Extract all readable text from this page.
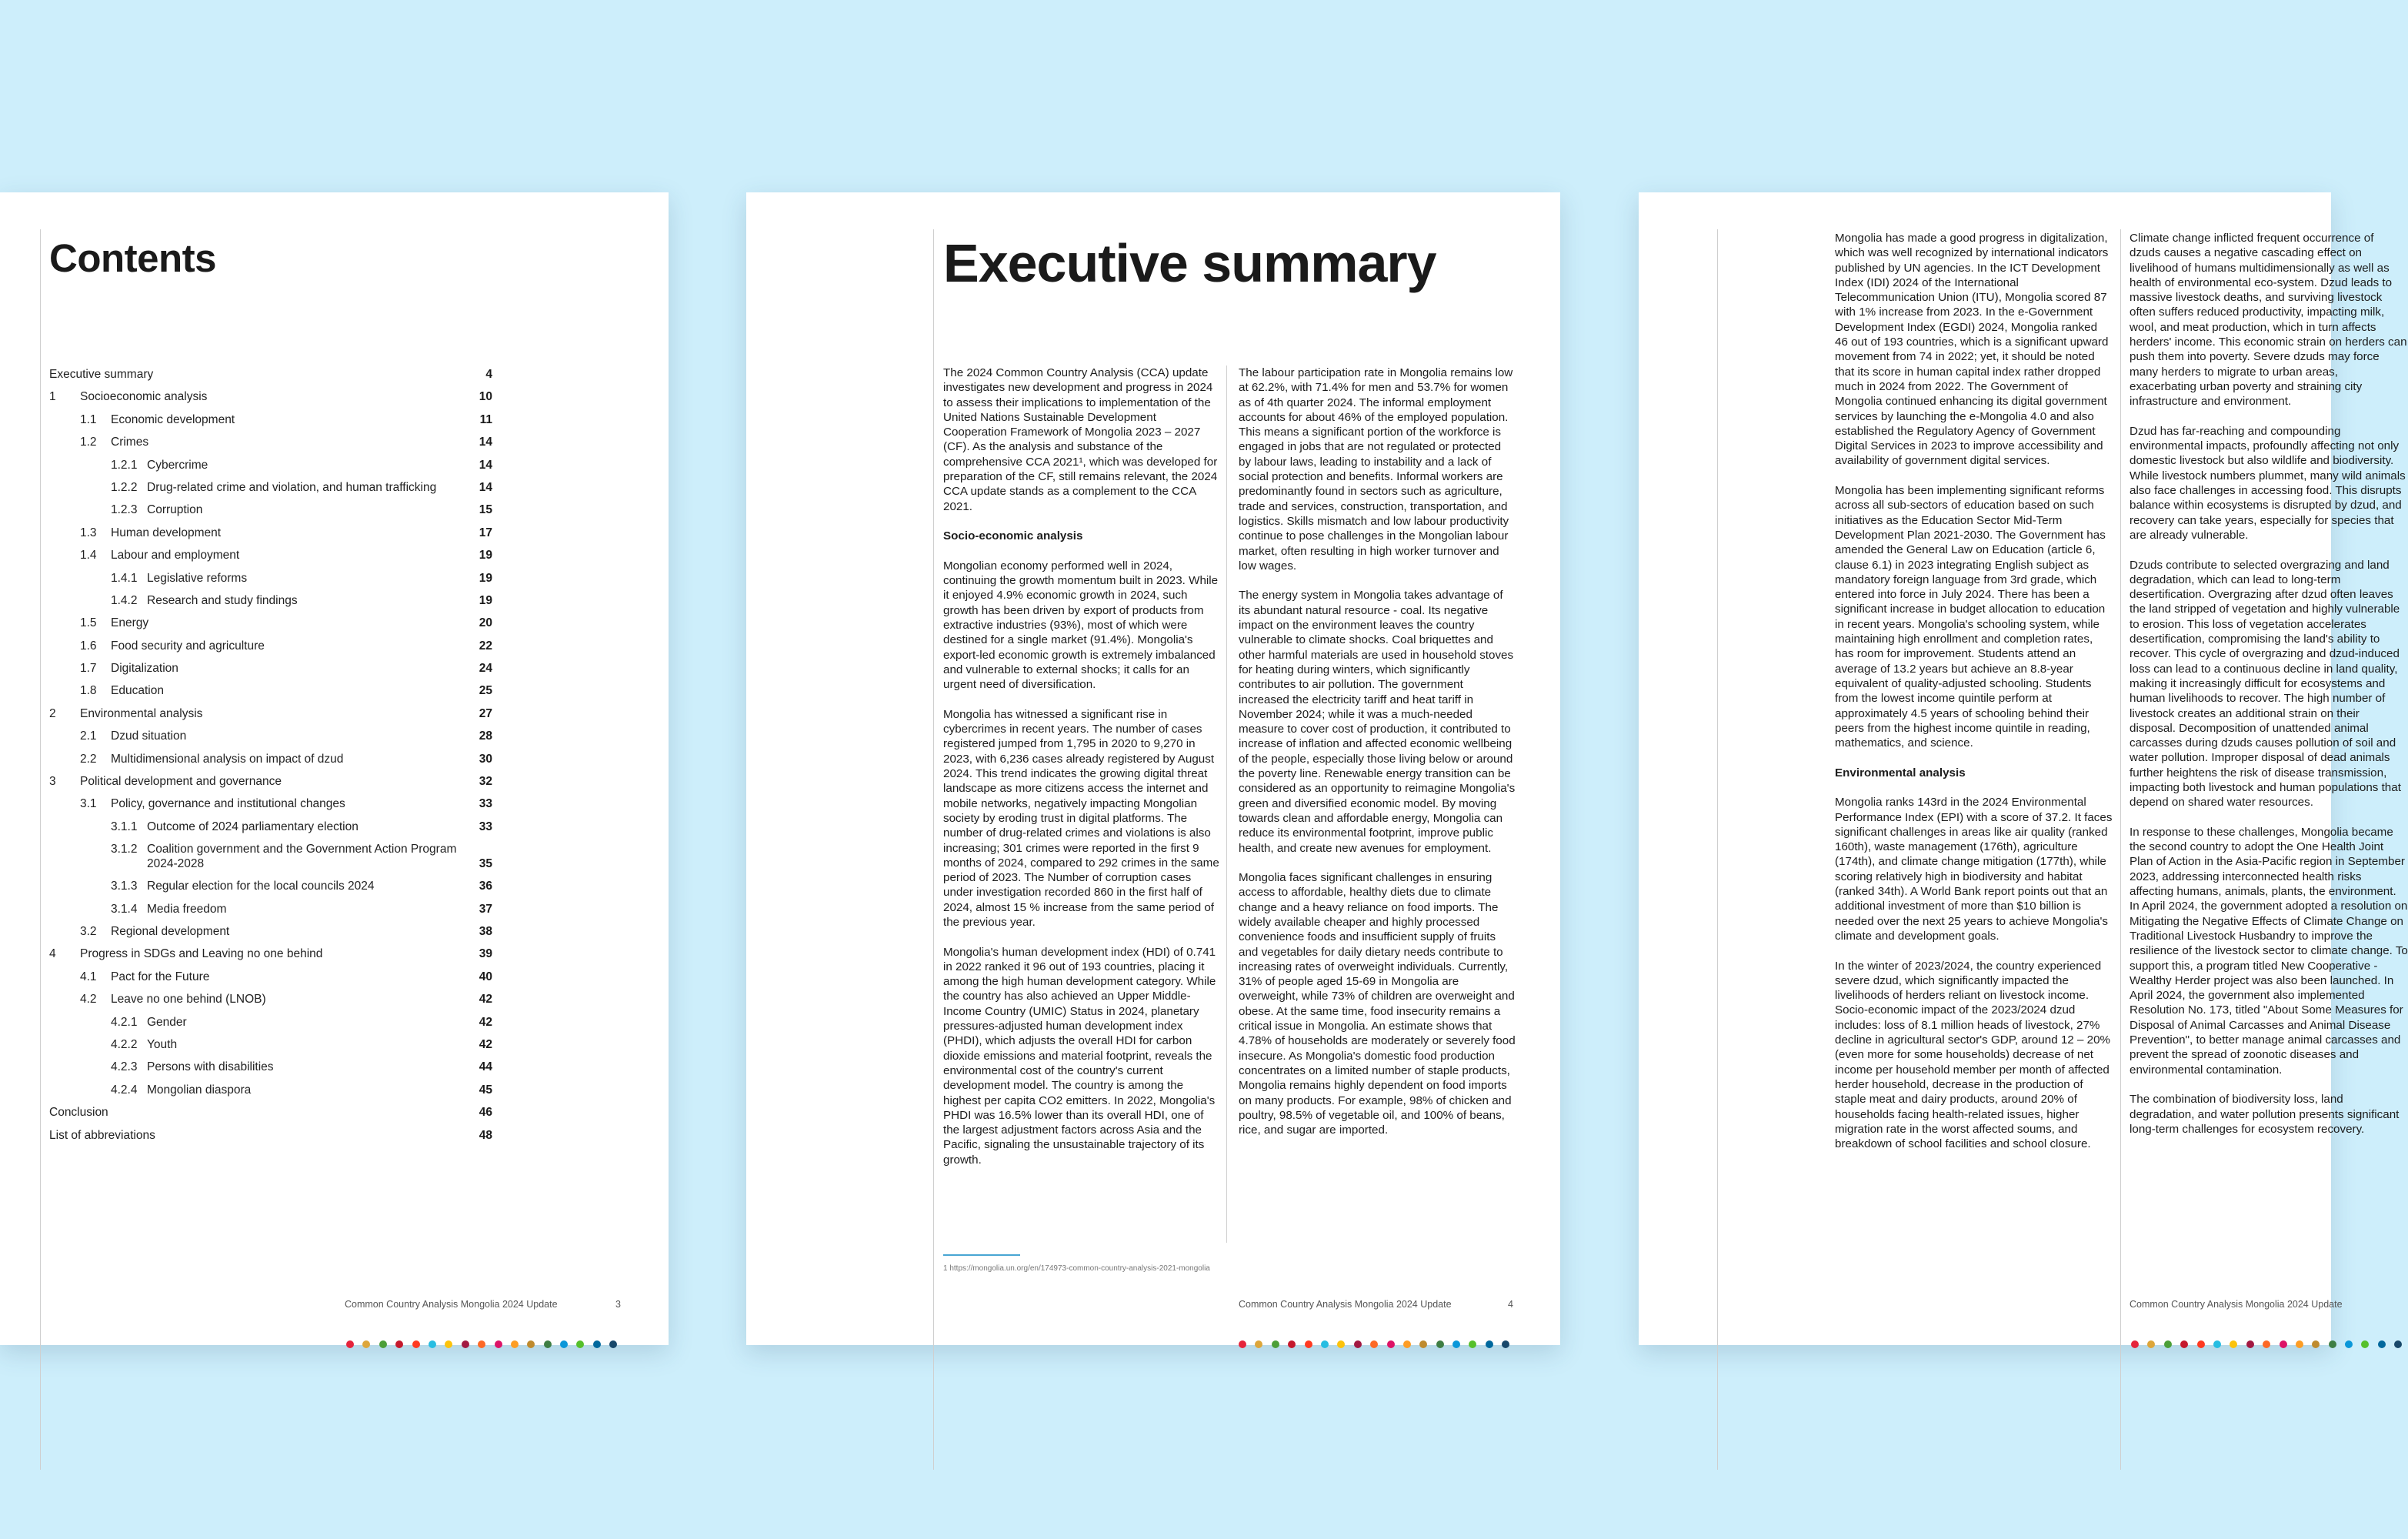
Contents
Executive summary	4
1 Socioeconomic analysis	10
1.1 Economic development	11
1.2 Crimes	14
1.2.1 Cybercrime	14
1.2.2 Drug-related crime and violation, and human trafficking	14
1.2.3 Corruption	15
1.3 Human development	17
1.4 Labour and employment	19
1.4.1 Legislative reforms	19
1.4.2 Research and study findings	19
1.5 Energy	20
1.6 Food security and agriculture	22
1.7 Digitalization	24
1.8 Education	25
2 Environmental analysis	27
2.1 Dzud situation	28
2.2 Multidimensional analysis on impact of dzud	30
3 Political development and governance	32
3.1 Policy, governance and institutional changes	33
3.1.1 Outcome of 2024 parliamentary election	33
3.1.2 Coalition government and the Government Action Program 2024-2028	35
3.1.3 Regular election for the local councils 2024	36
3.1.4 Media freedom	37
3.2 Regional development	38
4 Progress in SDGs and Leaving no one behind	39
4.1 Pact for the Future	40
4.2 Leave no one behind (LNOB)	42
4.2.1 Gender	42
4.2.2 Youth	42
4.2.3 Persons with disabilities	44
4.2.4 Mongolian diaspora	45
Conclusion	46
List of abbreviations	48
Common Country Analysis Mongolia 2024 Update	3
Executive summary

The 2024 Common Country Analysis (CCA) update investigates new development and progress in 2024 to assess their implications to implementation of the United Nations Sustainable Development Cooperation Framework of Mongolia 2023 – 2027 (CF). As the analysis and substance of the comprehensive CCA 2021¹, which was developed for preparation of the CF, still remains relevant, the 2024 CCA update stands as a complement to the CCA 2021.

Socio-economic analysis

Mongolian economy performed well in 2024, continuing the growth momentum built in 2023. While it enjoyed 4.9% economic growth in 2024, such growth has been driven by export of products from extractive industries (93%), most of which were destined for a single market (91.4%). Mongolia's export-led economic growth is extremely imbalanced and vulnerable to external shocks; it calls for an urgent need of diversification.

Mongolia has witnessed a significant rise in cybercrimes in recent years. The number of cases registered jumped from 1,795 in 2020 to 9,270 in 2023, with 6,236 cases already registered by August 2024. This trend indicates the growing digital threat landscape as more citizens access the internet and mobile networks, negatively impacting Mongolian society by eroding trust in digital platforms. The number of drug-related crimes and violations is also increasing; 301 crimes were reported in the first 9 months of 2024, compared to 292 crimes in the same period of 2023. The Number of corruption cases under investigation recorded 860 in the first half of 2024, almost 15 % increase from the same period of the previous year.

Mongolia's human development index (HDI) of 0.741 in 2022 ranked it 96 out of 193 countries, placing it among the high human development category. While the country has also achieved an Upper Middle-Income Country (UMIC) Status in 2024, planetary pressures-adjusted human development index (PHDI), which adjusts the overall HDI for carbon dioxide emissions and material footprint, reveals the environmental cost of the country's current development model. The country is among the highest per capita CO2 emitters. In 2022, Mongolia's PHDI was 16.5% lower than its overall HDI, one of the largest adjustment factors across Asia and the Pacific, signaling the unsustainable trajectory of its growth.

The labour participation rate in Mongolia remains low at 62.2%, with 71.4% for men and 53.7% for women as of 4th quarter 2024. The informal employment accounts for about 46% of the employed population. This means a significant portion of the workforce is engaged in jobs that are not regulated or protected by labour laws, leading to instability and a lack of social protection and benefits. Informal workers are predominantly found in sectors such as agriculture, trade and services, construction, transportation, and logistics. Skills mismatch and low labour productivity continue to pose challenges in the Mongolian labour market, often resulting in high worker turnover and low wages.

The energy system in Mongolia takes advantage of its abundant natural resource - coal. Its negative impact on the environment leaves the country vulnerable to climate shocks. Coal briquettes and other harmful materials are used in household stoves for heating during winters, which significantly contributes to air pollution. The government increased the electricity tariff and heat tariff in November 2024; while it was a much-needed measure to cover cost of production, it contributed to increase of inflation and affected economic wellbeing of the people, especially those living below or around the poverty line. Renewable energy transition can be considered as an opportunity to reimagine Mongolia's green and diversified economic model. By moving towards clean and affordable energy, Mongolia can reduce its environmental footprint, improve public health, and create new avenues for employment.

Mongolia faces significant challenges in ensuring access to affordable, healthy diets due to climate change and a heavy reliance on food imports. The widely available cheaper and highly processed convenience foods and insufficient supply of fruits and vegetables for daily dietary needs contribute to increasing rates of overweight individuals. Currently, 31% of people aged 15-69 in Mongolia are overweight, while 73% of children are overweight and obese. At the same time, food insecurity remains a critical issue in Mongolia. An estimate shows that 4.78% of households are moderately or severely food insecure. As Mongolia's domestic food production concentrates on a limited number of staple products, Mongolia remains highly dependent on food imports on many products. For example, 98% of chicken and poultry, 98.5% of vegetable oil, and 100% of beans, rice, and sugar are imported.

1 https://mongolia.un.org/en/174973-common-country-analysis-2021-mongolia
Common Country Analysis Mongolia 2024 Update	4

Mongolia has made a good progress in digitalization, which was well recognized by international indicators published by UN agencies. In the ICT Development Index (IDI) 2024 of the International Telecommunication Union (ITU), Mongolia scored 87 with 1% increase from 2023. In the e-Government Development Index (EGDI) 2024, Mongolia ranked 46 out of 193 countries, which is a significant upward movement from 74 in 2022; yet, it should be noted that its score in human capital index rather dropped much in 2024 from 2022. The Government of Mongolia continued enhancing its digital government services by launching the e-Mongolia 4.0 and also established the Regulatory Agency of Government Digital Services in 2023 to improve accessibility and availability of government digital services.

Mongolia has been implementing significant reforms across all sub-sectors of education based on such initiatives as the Education Sector Mid-Term Development Plan 2021-2030. The Government has amended the General Law on Education (article 6, clause 6.1) in 2023 integrating English subject as mandatory foreign language from 3rd grade, which entered into force in July 2024. There has been a significant increase in budget allocation to education in recent years. Mongolia's schooling system, while maintaining high enrollment and completion rates, has room for improvement. Students attend an average of 13.2 years but achieve an 8.8-year equivalent of quality-adjusted schooling. Students from the lowest income quintile perform at approximately 4.5 years of schooling behind their peers from the highest income quintile in reading, mathematics, and science.

Environmental analysis

Mongolia ranks 143rd in the 2024 Environmental Performance Index (EPI) with a score of 37.2. It faces significant challenges in areas like air quality (ranked 160th), waste management (176th), agriculture (174th), and climate change mitigation (177th), while scoring relatively high in biodiversity and habitat (ranked 34th). A World Bank report points out that an additional investment of more than $10 billion is needed over the next 25 years to achieve Mongolia's climate and development goals.

In the winter of 2023/2024, the country experienced severe dzud, which significantly impacted the livelihoods of herders reliant on livestock income. Socio-economic impact of the 2023/2024 dzud includes: loss of 8.1 million heads of livestock, 27% decline in agricultural sector's GDP, around 12 – 20% (even more for some households) decrease of net income per household member per month of affected herder household, decrease in the production of staple meat and dairy products, around 20% of households facing health-related issues, higher migration rate in the worst affected soums, and breakdown of school facilities and school closure.

Climate change inflicted frequent occurrence of dzuds causes a negative cascading effect on livelihood of humans multidimensionally as well as health of environmental eco-system. Dzud leads to massive livestock deaths, and surviving livestock often suffers reduced productivity, impacting milk, wool, and meat production, which in turn affects herders' income. This economic strain on herders can push them into poverty. Severe dzuds may force many herders to migrate to urban areas, exacerbating urban poverty and straining city infrastructure and environment.

Dzud has far-reaching and compounding environmental impacts, profoundly affecting not only domestic livestock but also wildlife and biodiversity. While livestock numbers plummet, many wild animals also face challenges in accessing food. This disrupts balance within ecosystems is disrupted by dzud, and recovery can take years, especially for species that are already vulnerable.

Dzuds contribute to selected overgrazing and land degradation, which can lead to long-term desertification. Overgrazing after dzud often leaves the land stripped of vegetation and highly vulnerable to erosion. This loss of vegetation accelerates desertification, compromising the land's ability to recover. This cycle of overgrazing and dzud-induced loss can lead to a continuous decline in land quality, making it increasingly difficult for ecosystems and human livelihoods to recover. The high number of livestock creates an additional strain on their disposal. Decomposition of unattended animal carcasses during dzuds causes pollution of soil and water pollution. Improper disposal of dead animals further heightens the risk of disease transmission, impacting both livestock and human populations that depend on shared water resources.

In response to these challenges, Mongolia became the second country to adopt the One Health Joint Plan of Action in the Asia-Pacific region in September 2023, addressing interconnected health risks affecting humans, animals, plants, the environment. In April 2024, the government adopted a resolution on Mitigating the Negative Effects of Climate Change on Traditional Livestock Husbandry to improve the resilience of the livestock sector to climate change. To support this, a program titled New Cooperative - Wealthy Herder project was also been launched. In April 2024, the government also implemented Resolution No. 173, titled "About Some Measures for Disposal of Animal Carcasses and Animal Disease Prevention", to better manage animal carcasses and prevent the spread of zoonotic diseases and environmental contamination.

The combination of biodiversity loss, land degradation, and water pollution presents significant long-term challenges for ecosystem recovery.

Common Country Analysis Mongolia 2024 Update
